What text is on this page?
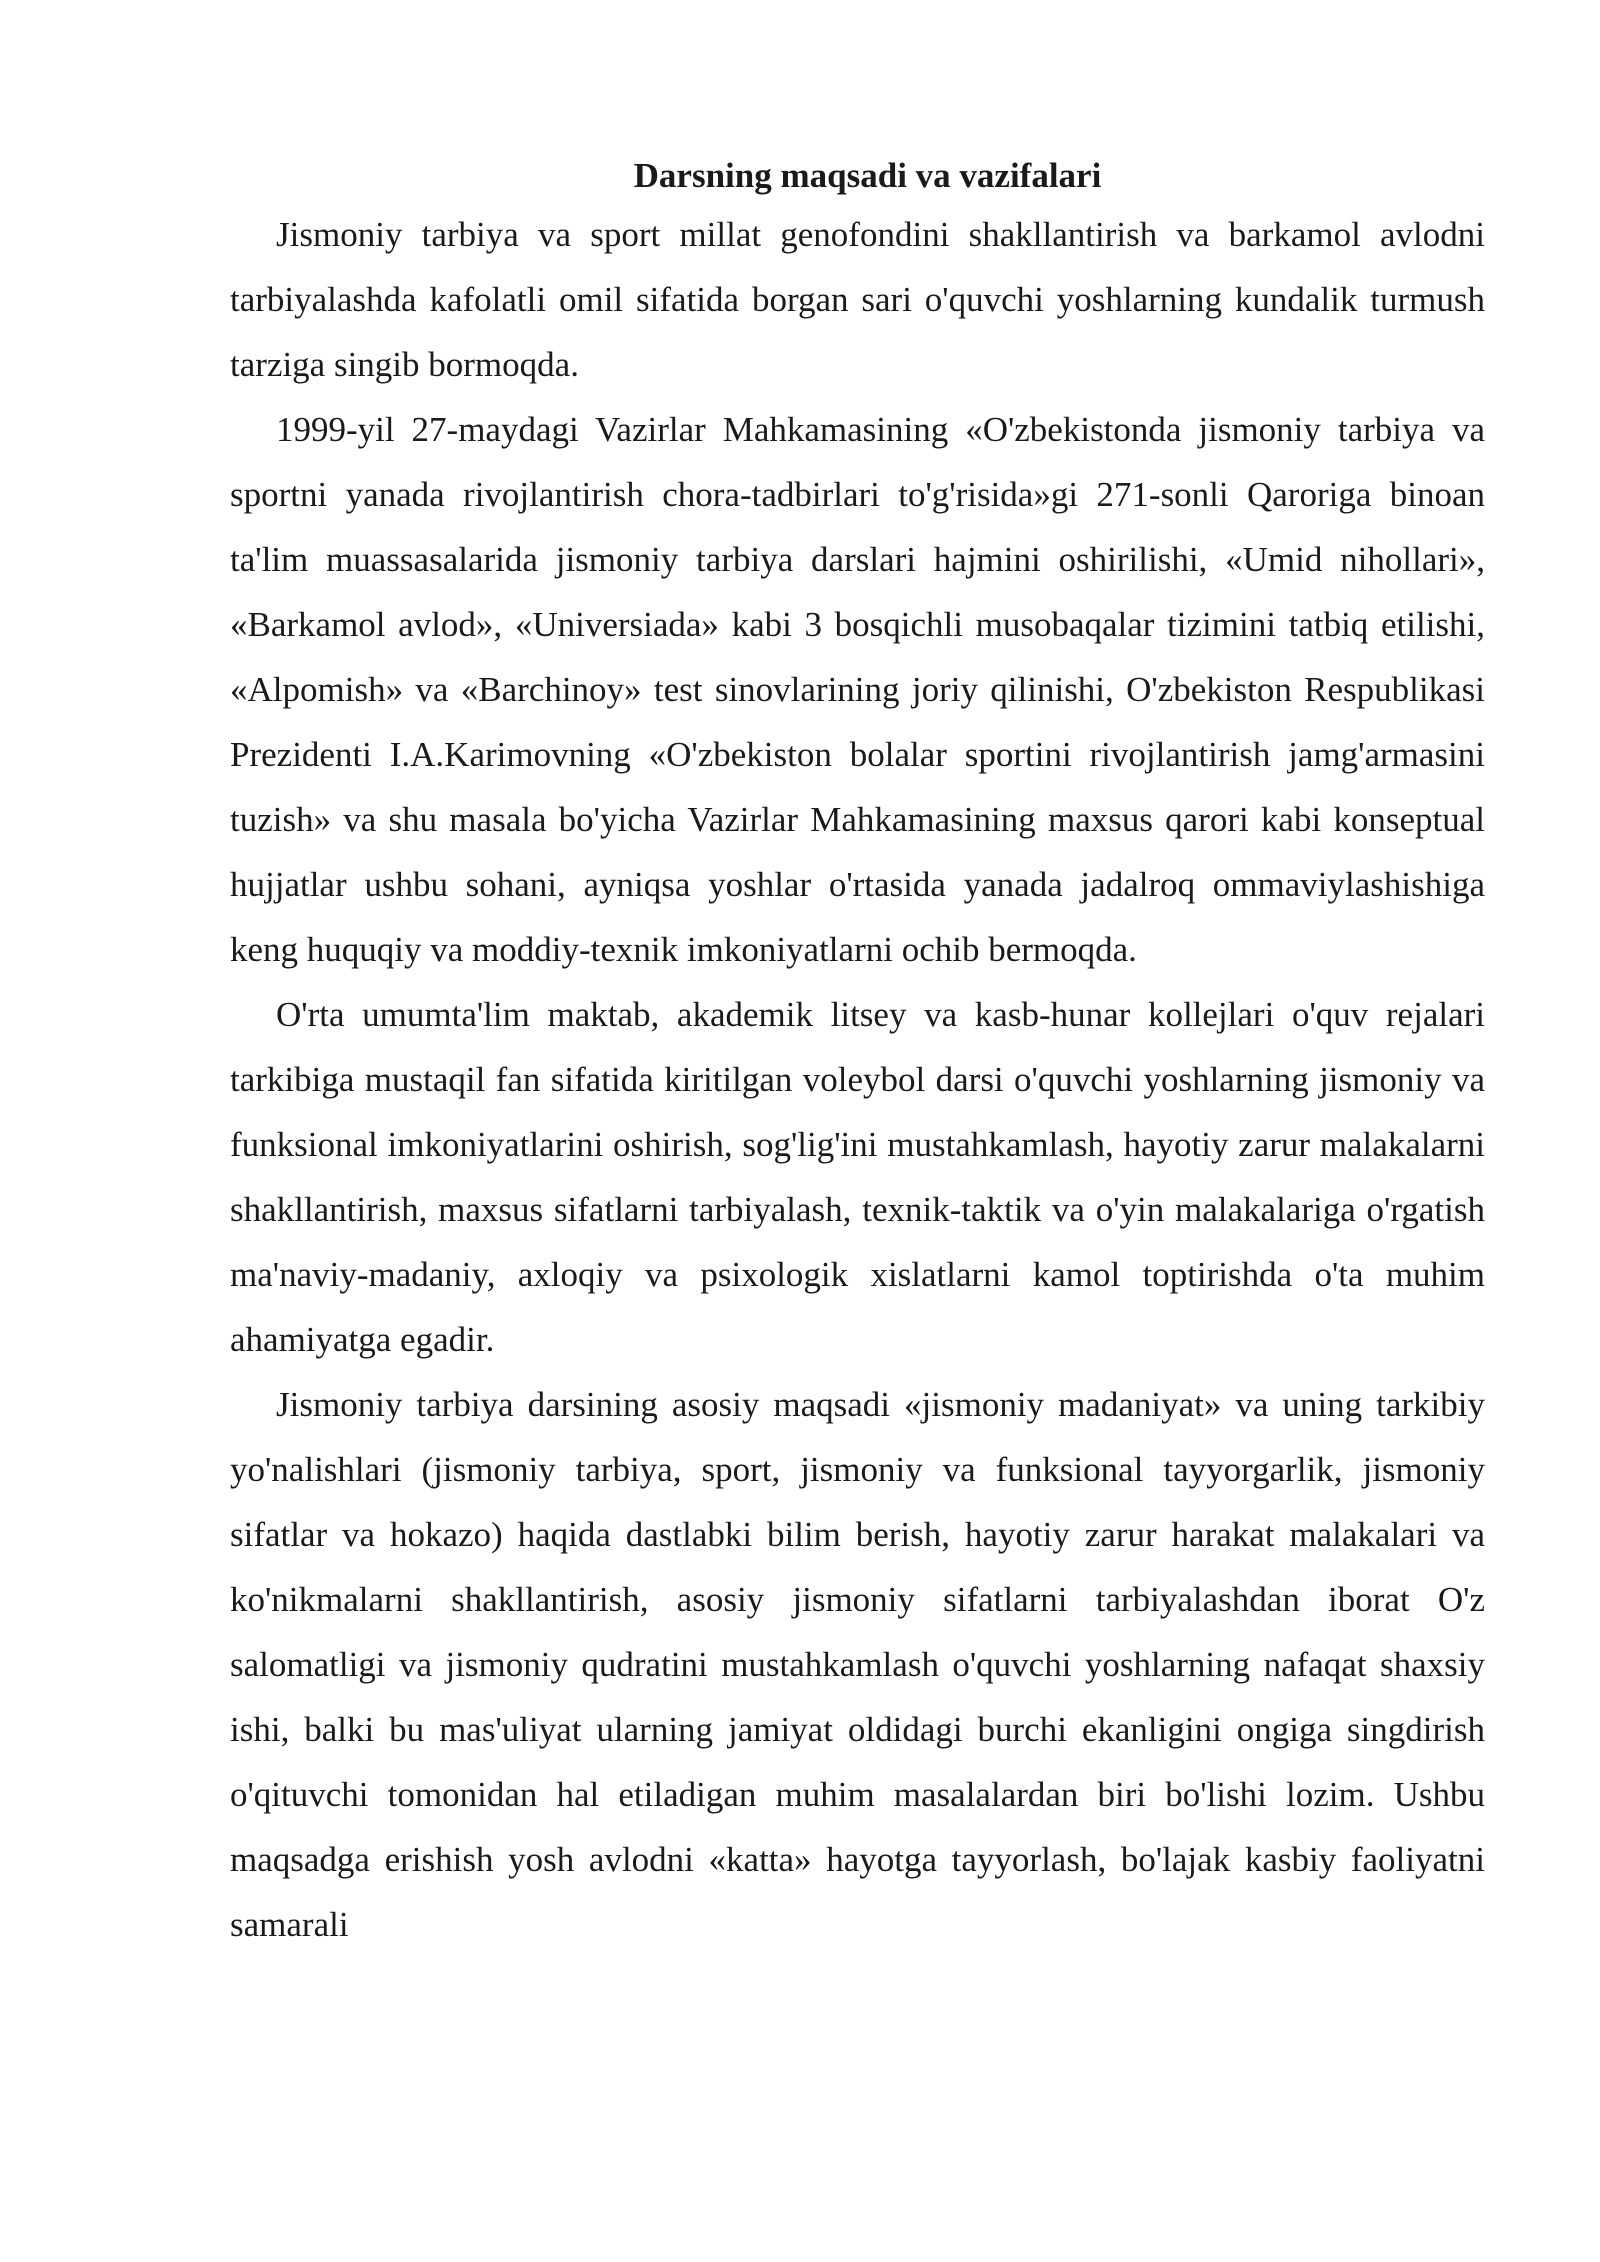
Darsning maqsadi va vazifalari

Jismoniy tarbiya va sport millat genofondini shakllantirish va barkamol avlodni tarbiyalashda kafolatli omil sifatida borgan sari o'quvchi yoshlarning kundalik turmush tarziga singib bormoqda.

1999-yil 27-maydagi Vazirlar Mahkamasining «O'zbekistonda jismoniy tarbiya va sportni yanada rivojlantirish chora-tadbirlari to'g'risida»gi 271-sonli Qaroriga binoan ta'lim muassasalarida jismoniy tarbiya darslari hajmini oshirilishi, «Umid nihollari», «Barkamol avlod», «Universiada» kabi 3 bosqichli musobaqalar tizimini tatbiq etilishi, «Alpomish» va «Barchinoy» test sinovlarining joriy qilinishi, O'zbekiston Respublikasi Prezidenti I.A.Karimovning «O'zbekiston bolalar sportini rivojlantirish jamg'armasini tuzish» va shu masala bo'yicha Vazirlar Mahkamasining maxsus qarori kabi konseptual hujjatlar ushbu sohani, ayniqsa yoshlar o'rtasida yanada jadalroq ommaviylashishiga keng huquqiy va moddiy-texnik imkoniyatlarni ochib bermoqda.

O'rta umumta'lim maktab, akademik litsey va kasb-hunar kollejlari o'quv rejalari tarkibiga mustaqil fan sifatida kiritilgan voleybol darsi o'quvchi yoshlarning jismoniy va funksional imkoniyatlarini oshirish, sog'lig'ini mustahkamlash, hayotiy zarur malakalarni shakllantirish, maxsus sifatlarni tarbiyalash, texnik-taktik va o'yin malakalariga o'rgatish ma'naviy-madaniy, axloqiy va psixologik xislatlarni kamol toptirishda o'ta muhim ahamiyatga egadir.

Jismoniy tarbiya darsining asosiy maqsadi «jismoniy madaniyat» va uning tarkibiy yo'nalishlari (jismoniy tarbiya, sport, jismoniy va funksional tayyorgarlik, jismoniy sifatlar va hokazo) haqida dastlabki bilim berish, hayotiy zarur harakat malakalari va ko'nikmalarni shakllantirish, asosiy jismoniy sifatlarni tarbiyalashdan iborat O'z salomatligi va jismoniy qudratini mustahkamlash o'quvchi yoshlarning nafaqat shaxsiy ishi, balki bu mas'uliyat ularning jamiyat oldidagi burchi ekanligini ongiga singdirish o'qituvchi tomonidan hal etiladigan muhim masalalardan biri bo'lishi lozim. Ushbu maqsadga erishish yosh avlodni «katta» hayotga tayyorlash, bo'lajak kasbiy faoliyatni samarali
